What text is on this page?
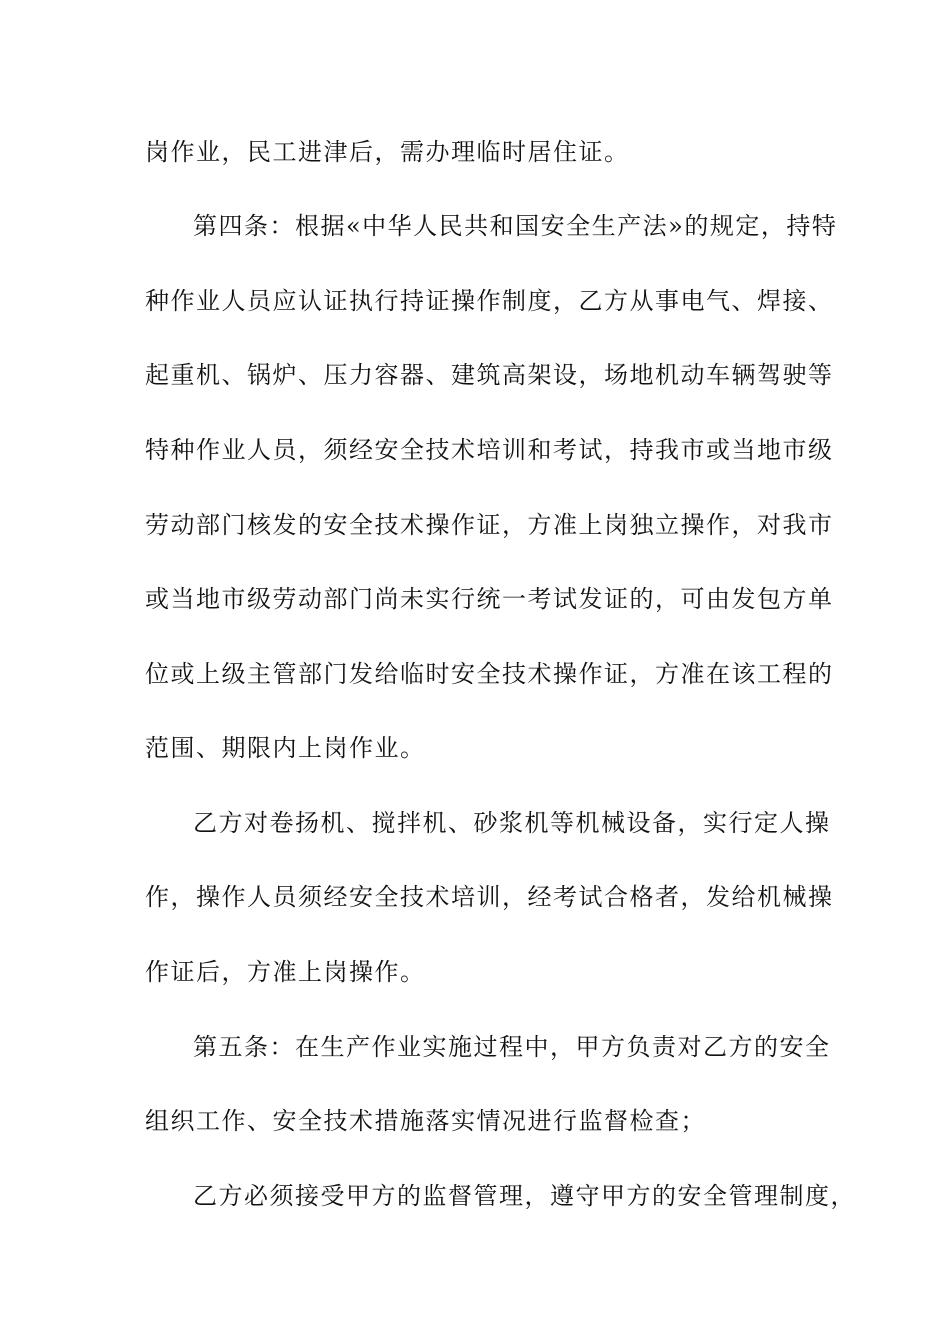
岗作业，民工进津后，需办理临时居住证。
第四条：根据«中华人民共和国安全生产法»的规定，持特
种作业人员应认证执行持证操作制度，乙方从事电气、焊接、
起重机、锅炉、压力容器、建筑高架设，场地机动车辆驾驶等
特种作业人员，须经安全技术培训和考试，持我市或当地市级
劳动部门核发的安全技术操作证，方准上岗独立操作，对我市
或当地市级劳动部门尚未实行统一考试发证的，可由发包方单
位或上级主管部门发给临时安全技术操作证，方准在该工程的
范围、期限内上岗作业。
乙方对卷扬机、搅拌机、砂浆机等机械设备，实行定人操
作，操作人员须经安全技术培训，经考试合格者，发给机械操
作证后，方准上岗操作。
第五条：在生产作业实施过程中，甲方负责对乙方的安全
组织工作、安全技术措施落实情况进行监督检查；
乙方必须接受甲方的监督管理，遵守甲方的安全管理制度，
